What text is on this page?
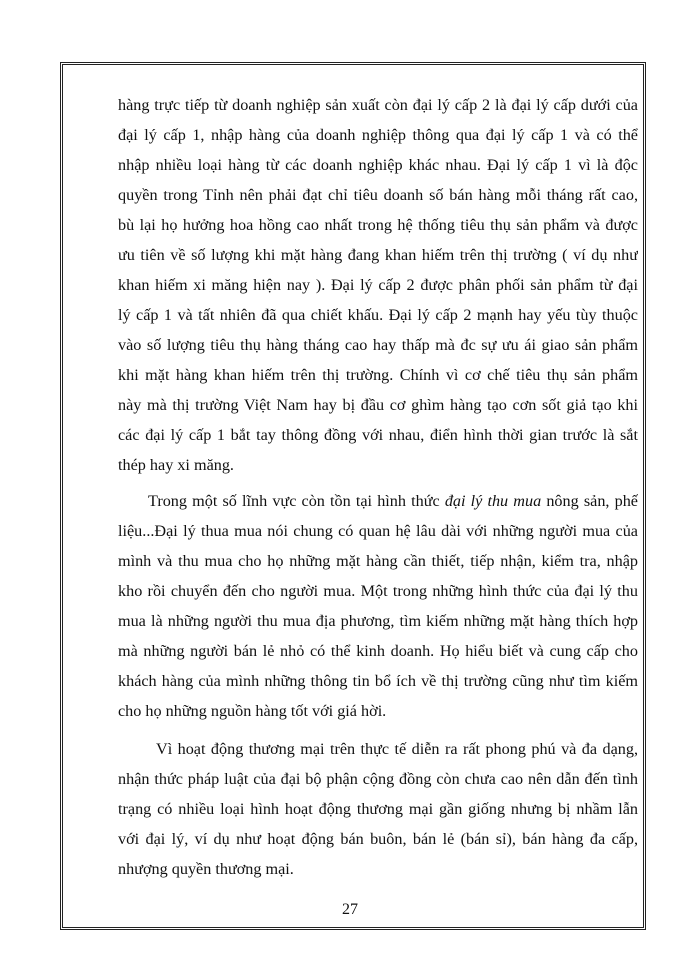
hàng trực tiếp từ doanh nghiệp sản xuất còn đại lý cấp 2 là đại lý cấp dưới của
đại lý cấp 1, nhập hàng của doanh nghiệp thông qua đại lý cấp 1 và có thể
nhập nhiều loại hàng từ các doanh nghiệp khác nhau. Đại lý cấp 1 vì là độc
quyền trong Tỉnh nên phải đạt chỉ tiêu doanh số bán hàng mỗi tháng rất cao,
bù lại họ hưởng hoa hồng cao nhất trong hệ thống tiêu thụ sản phẩm và được
ưu tiên về số lượng khi mặt hàng đang khan hiếm trên thị trường ( ví dụ như
khan hiếm xi măng hiện nay ). Đại lý cấp 2 được phân phối sản phẩm từ đại
lý cấp 1 và tất nhiên đã qua chiết khấu. Đại lý cấp 2 mạnh hay yếu tùy thuộc
vào số lượng tiêu thụ hàng tháng cao hay thấp mà đc sự ưu ái giao sản phẩm
khi mặt hàng khan hiếm trên thị trường. Chính vì cơ chế tiêu thụ sản phẩm
này mà thị trường Việt Nam hay bị đầu cơ ghìm hàng tạo cơn sốt giả tạo khi
các đại lý cấp 1 bắt tay thông đồng với nhau, điển hình thời gian trước là sắt
thép hay xi măng.
Trong một số lĩnh vực còn tồn tại hình thức đại lý thu mua nông sản, phế
liệu...Đại lý thua mua nói chung có quan hệ lâu dài với những người mua của
mình và thu mua cho họ những mặt hàng cần thiết, tiếp nhận, kiểm tra, nhập
kho rồi chuyển đến cho người mua. Một trong những hình thức của đại lý thu
mua là những người thu mua địa phương, tìm kiếm những mặt hàng thích hợp
mà những người bán lẻ nhỏ có thể kinh doanh. Họ hiểu biết và cung cấp cho
khách hàng của mình những thông tin bổ ích về thị trường cũng như tìm kiếm
cho họ những nguồn hàng tốt với giá hời.
Vì hoạt động thương mại trên thực tế diễn ra rất phong phú và đa dạng,
nhận thức pháp luật của đại bộ phận cộng đồng còn chưa cao nên dẫn đến tình
trạng có nhiều loại hình hoạt động thương mại gần giống nhưng bị nhầm lẫn
với đại lý, ví dụ như hoạt động bán buôn, bán lẻ (bán sỉ), bán hàng đa cấp,
nhượng quyền thương mại.
27
